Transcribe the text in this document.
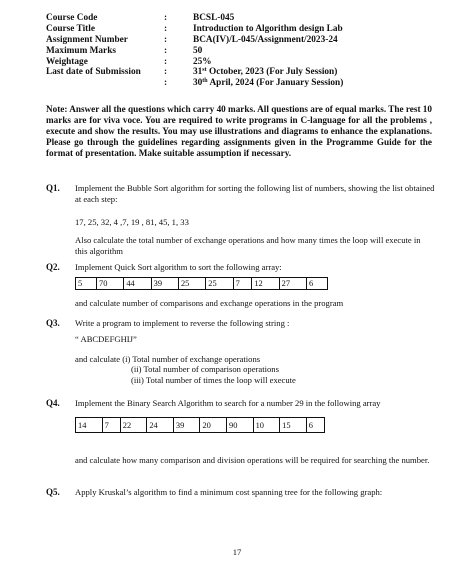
Course Code	:	BCSL-045
Course Title	:	Introduction to Algorithm design Lab
Assignment Number	:	BCA(IV)/L-045/Assignment/2023-24
Maximum Marks	:	50
Weightage	:	25%
Last date of Submission :	31st October, 2023 (For July Session)
:	30th April, 2024 (For January Session)
Note: Answer all the questions which carry 40 marks. All questions are of equal marks. The rest 10 marks are for viva voce. You are required to write programs in C-language for all the problems , execute and show the results. You may use illustrations and diagrams to enhance the explanations. Please go through the guidelines regarding assignments given in the Programme Guide for the format of presentation. Make suitable assumption if necessary.
Q1. Implement the Bubble Sort algorithm for sorting the following list of numbers, showing the list obtained at each step:
17, 25, 32, 4 ,7, 19 , 81, 45, 1, 33
Also calculate the total number of exchange operations and how many times the loop will execute in this algorithm
Q2. Implement Quick Sort algorithm to sort the following array:
5	70	44	39	25	25	7	12	27	6
and calculate number of comparisons and exchange operations in the program
Q3. Write a program to implement to reverse the following string :
“ ABCDEFGHIJ”
and calculate (i) Total number of exchange operations
(ii) Total number of comparison operations
(iii) Total number of times the loop will execute
Q4. Implement the Binary Search Algorithm to search for a number 29 in the following array
14	7	22	24	39	20	90	10	15	6
and calculate how many comparison and division operations will be required for searching the number.
Q5. Apply Kruskal’s algorithm to find a minimum cost spanning tree for the following graph:
17
